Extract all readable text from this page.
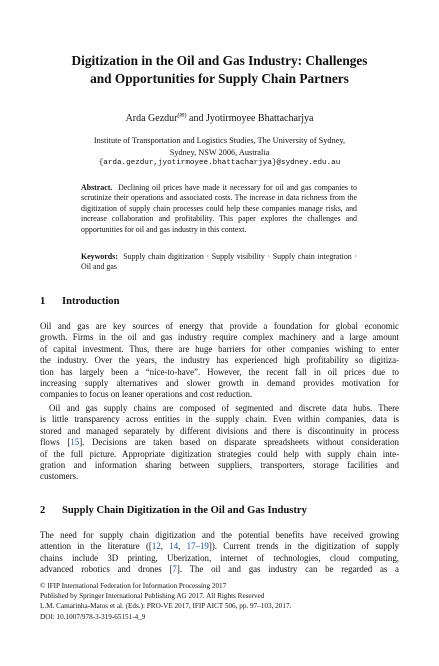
Digitization in the Oil and Gas Industry: Challenges
and Opportunities for Supply Chain Partners
Arda Gezdur(✉) and Jyotirmoyee Bhattacharjya
Institute of Transportation and Logistics Studies, The University of Sydney,
Sydney, NSW 2006, Australia
{arda.gezdur,jyotirmoyee.bhattacharjya}@sydney.edu.au
Abstract. Declining oil prices have made it necessary for oil and gas companies to scrutinize their operations and associated costs. The increase in data richness from the digitization of supply chain processes could help these companies manage risks, and increase collaboration and profitability. This paper explores the challenges and opportunities for oil and gas industry in this context.
Keywords: Supply chain digitization · Supply visibility · Supply chain integration · Oil and gas
1 Introduction
Oil and gas are key sources of energy that provide a foundation for global economic
growth. Firms in the oil and gas industry require complex machinery and a large amount
of capital investment. Thus, there are huge barriers for other companies wishing to enter
the industry. Over the years, the industry has experienced high profitability so digitiza-
tion has largely been a “nice-to-have”. However, the recent fall in oil prices due to
increasing supply alternatives and slower growth in demand provides motivation for
companies to focus on leaner operations and cost reduction.
Oil and gas supply chains are composed of segmented and discrete data hubs. There
is little transparency across entities in the supply chain. Even within companies, data is
stored and managed separately by different divisions and there is discontinuity in process
flows [15]. Decisions are taken based on disparate spreadsheets without consideration
of the full picture. Appropriate digitization strategies could help with supply chain inte-
gration and information sharing between suppliers, transporters, storage facilities and
customers.
2 Supply Chain Digitization in the Oil and Gas Industry
The need for supply chain digitization and the potential benefits have received growing
attention in the literature ([12, 14, 17–19]). Current trends in the digitization of supply
chains include 3D printing, Uberization, internet of technologies, cloud computing,
advanced robotics and drones [7]. The oil and gas industry can be regarded as a
© IFIP International Federation for Information Processing 2017
Published by Springer International Publishing AG 2017. All Rights Reserved
L.M. Camarinha-Matos et al. (Eds.): PRO-VE 2017, IFIP AICT 506, pp. 97–103, 2017.
DOI: 10.1007/978-3-319-65151-4_9
